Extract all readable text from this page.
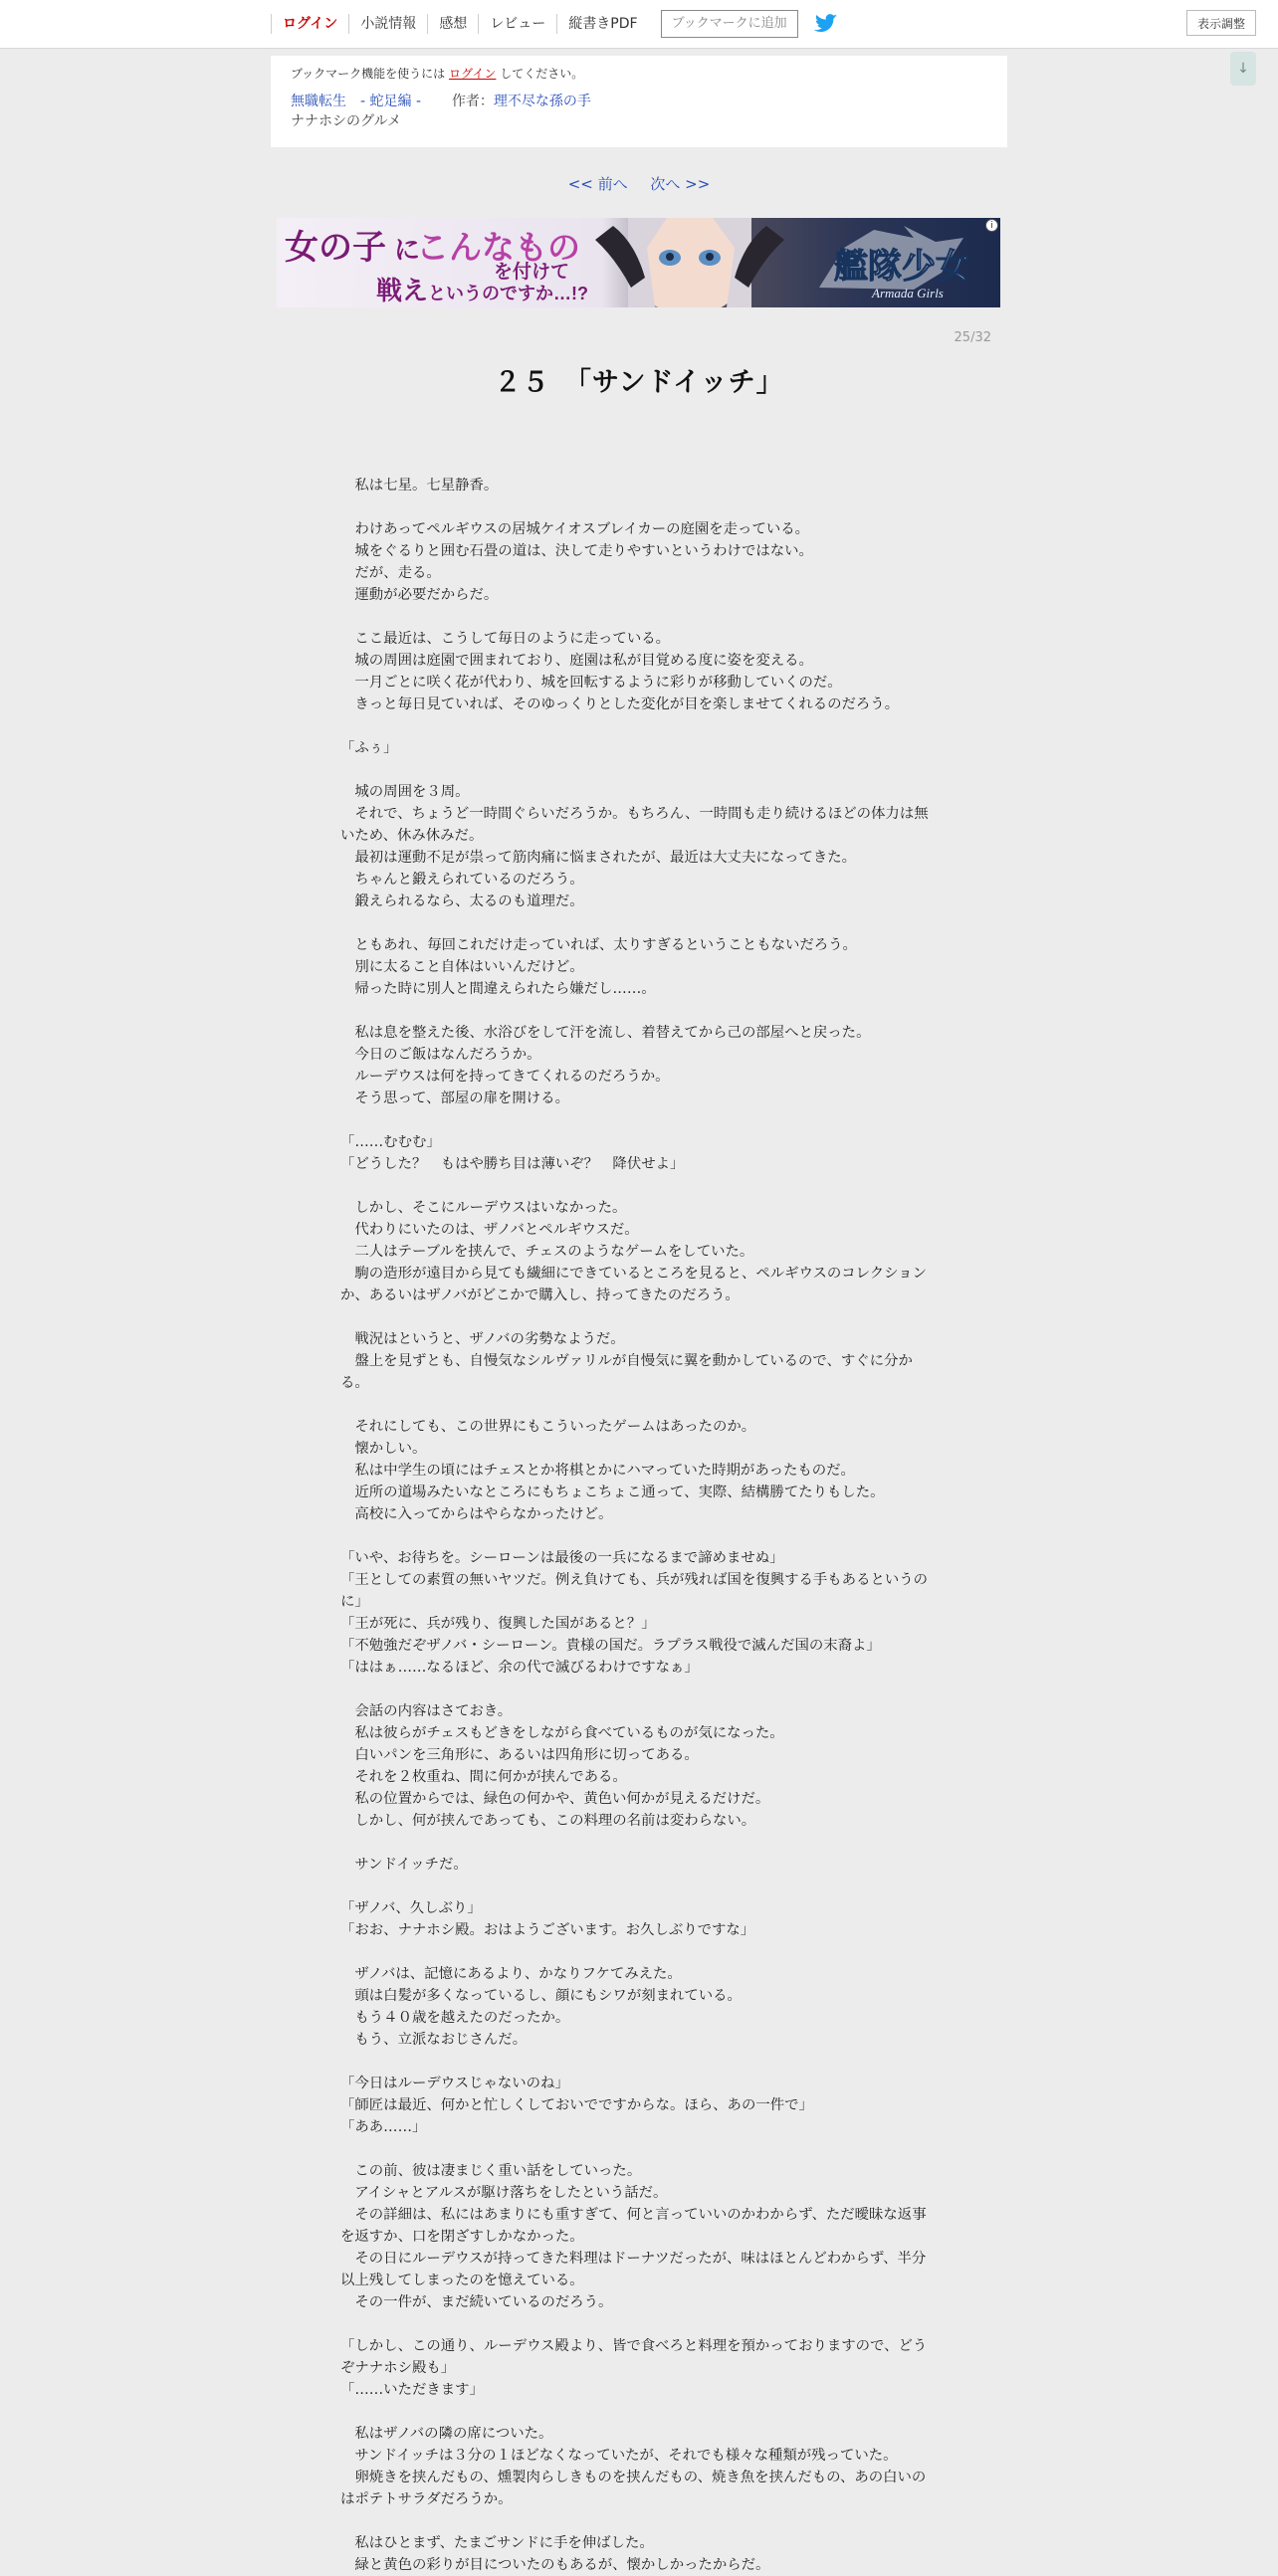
ログイン	小説情報	感想	レビュー	縦書きPDF	ブックマークに追加	表示調整
↓
ブックマーク機能を使うには ログイン してください。
無職転生　- 蛇足編 - 作者：理不尽な孫の手
ナナホシのグルメ
<< 前へ 次へ >>
女の子 に
こんなもの
を付けて
戦え というのですか…!?
艦隊少女
Armada Girls
i
25/32
２５　「サンドイッチ」

　私は七星。七星静香。

　わけあってペルギウスの居城ケイオスブレイカーの庭園を走っている。

　城をぐるりと囲む石畳の道は、決して走りやすいというわけではない。

　だが、走る。

　運動が必要だからだ。

　ここ最近は、こうして毎日のように走っている。

　城の周囲は庭園で囲まれており、庭園は私が目覚める度に姿を変える。

　一月ごとに咲く花が代わり、城を回転するように彩りが移動していくのだ。

　きっと毎日見ていれば、そのゆっくりとした変化が目を楽しませてくれるのだろう。

「ふぅ」

　城の周囲を３周。

　それで、ちょうど一時間ぐらいだろうか。もちろん、一時間も走り続けるほどの体力は無いため、休み休みだ。

　最初は運動不足が祟って筋肉痛に悩まされたが、最近は大丈夫になってきた。

　ちゃんと鍛えられているのだろう。

　鍛えられるなら、太るのも道理だ。

　ともあれ、毎回これだけ走っていれば、太りすぎるということもないだろう。

　別に太ること自体はいいんだけど。

　帰った時に別人と間違えられたら嫌だし……。

　私は息を整えた後、水浴びをして汗を流し、着替えてから己の部屋へと戻った。

　今日のご飯はなんだろうか。

　ルーデウスは何を持ってきてくれるのだろうか。

　そう思って、部屋の扉を開ける。

「……むむむ」

「どうした？　もはや勝ち目は薄いぞ？　降伏せよ」

　しかし、そこにルーデウスはいなかった。

　代わりにいたのは、ザノバとペルギウスだ。

　二人はテーブルを挟んで、チェスのようなゲームをしていた。

　駒の造形が遠目から見ても繊細にできているところを見ると、ペルギウスのコレクションか、あるいはザノバがどこかで購入し、持ってきたのだろう。

　戦況はというと、ザノバの劣勢なようだ。

　盤上を見ずとも、自慢気なシルヴァリルが自慢気に翼を動かしているので、すぐに分かる。

　それにしても、この世界にもこういったゲームはあったのか。

　懐かしい。

　私は中学生の頃にはチェスとか将棋とかにハマっていた時期があったものだ。

　近所の道場みたいなところにもちょこちょこ通って、実際、結構勝てたりもした。

　高校に入ってからはやらなかったけど。

「いや、お待ちを。シーローンは最後の一兵になるまで諦めませぬ」

「王としての素質の無いヤツだ。例え負けても、兵が残れば国を復興する手もあるというのに」

「王が死に、兵が残り、復興した国があると？」

「不勉強だぞザノバ・シーローン。貴様の国だ。ラプラス戦役で滅んだ国の末裔よ」

「ははぁ……なるほど、余の代で滅びるわけですなぁ」

　会話の内容はさておき。

　私は彼らがチェスもどきをしながら食べているものが気になった。

　白いパンを三角形に、あるいは四角形に切ってある。

　それを２枚重ね、間に何かが挟んである。

　私の位置からでは、緑色の何かや、黄色い何かが見えるだけだ。

　しかし、何が挟んであっても、この料理の名前は変わらない。

　サンドイッチだ。

「ザノバ、久しぶり」

「おお、ナナホシ殿。おはようございます。お久しぶりですな」

　ザノバは、記憶にあるより、かなりフケてみえた。

　頭は白髪が多くなっているし、顔にもシワが刻まれている。

　もう４０歳を越えたのだったか。

　もう、立派なおじさんだ。

「今日はルーデウスじゃないのね」

「師匠は最近、何かと忙しくしておいでですからな。ほら、あの一件で」

「ああ……」

　この前、彼は凄まじく重い話をしていった。

　アイシャとアルスが駆け落ちをしたという話だ。

　その詳細は、私にはあまりにも重すぎて、何と言っていいのかわからず、ただ曖昧な返事を返すか、口を閉ざすしかなかった。

　その日にルーデウスが持ってきた料理はドーナツだったが、味はほとんどわからず、半分以上残してしまったのを憶えている。

　その一件が、まだ続いているのだろう。

「しかし、この通り、ルーデウス殿より、皆で食べろと料理を預かっておりますので、どうぞナナホシ殿も」

「……いただきます」

　私はザノバの隣の席についた。

　サンドイッチは３分の１ほどなくなっていたが、それでも様々な種類が残っていた。

　卵焼きを挟んだもの、燻製肉らしきものを挟んだもの、焼き魚を挟んだもの、あの白いのはポテトサラダだろうか。

　私はひとまず、たまごサンドに手を伸ばした。

　緑と黄色の彩りが目についたのもあるが、懐かしかったからだ。
